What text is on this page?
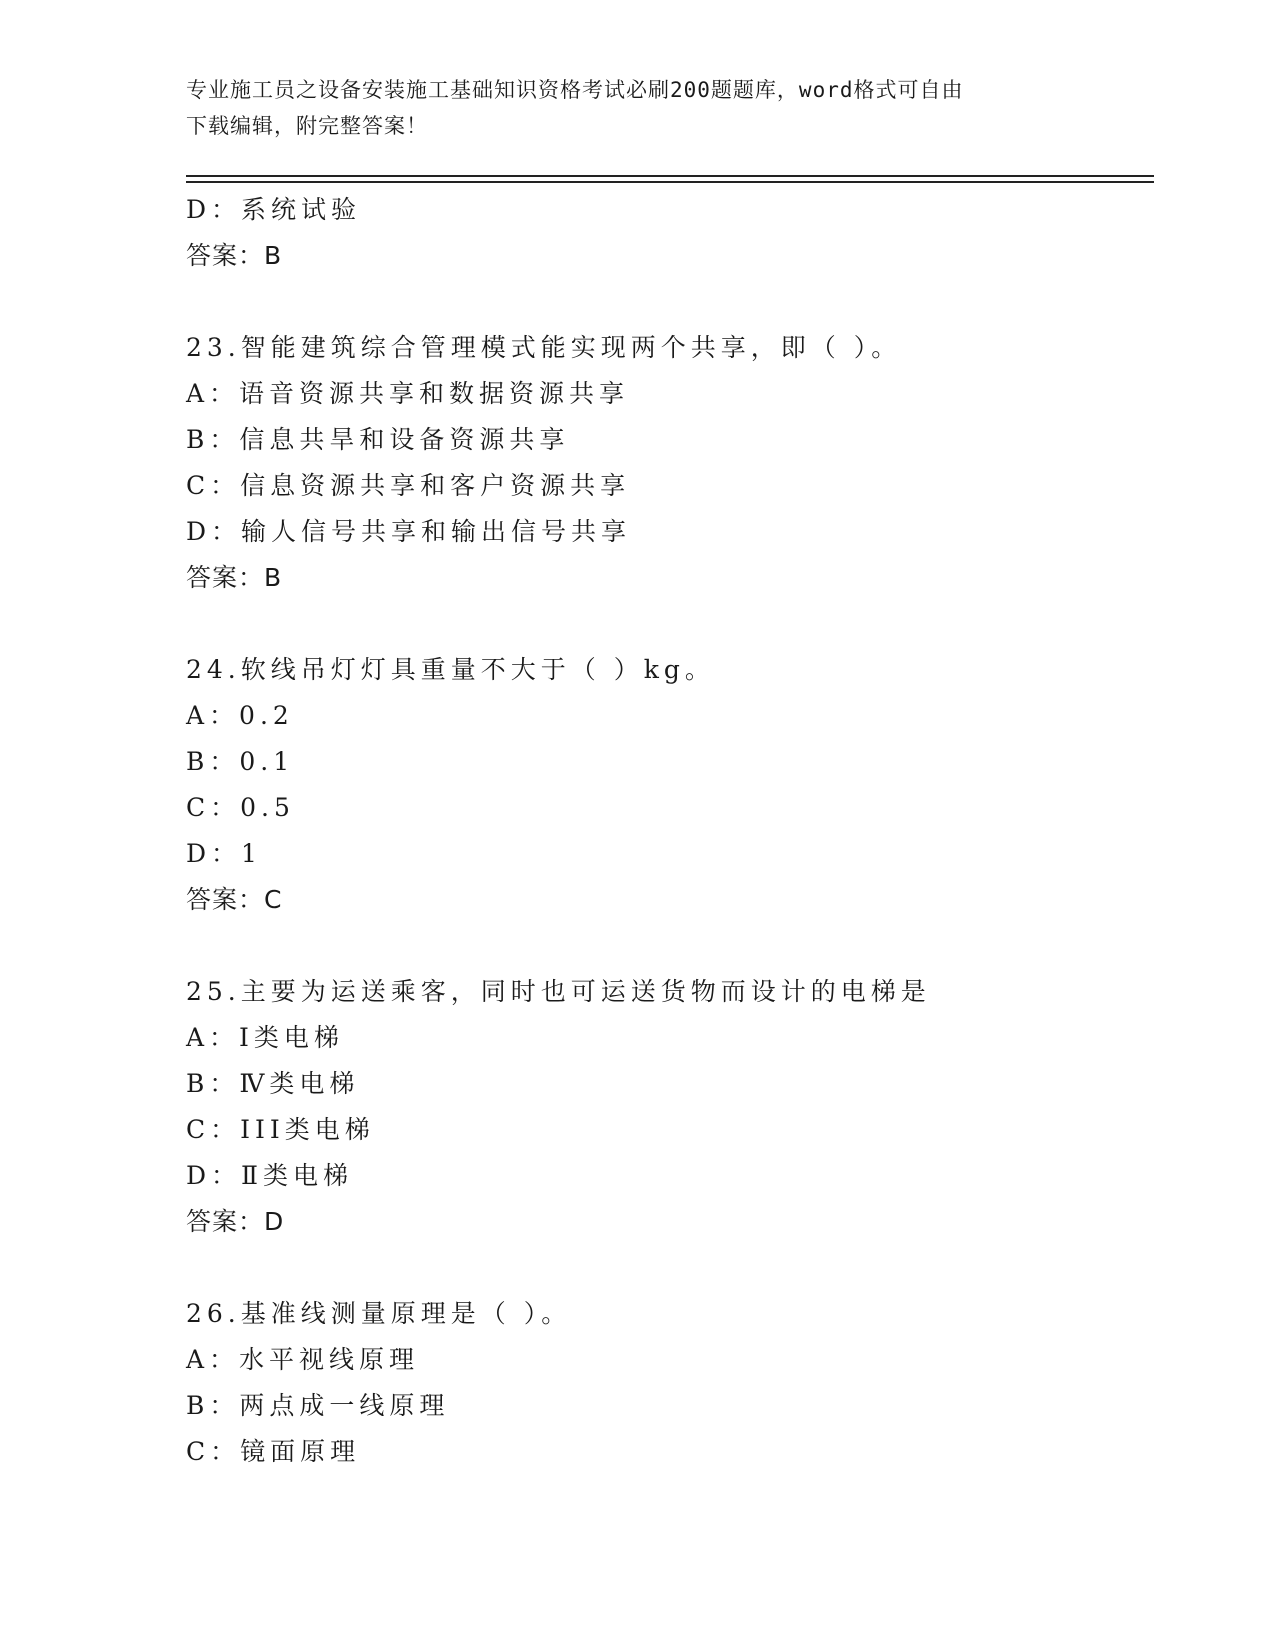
专业施工员之设备安装施工基础知识资格考试必刷200题题库，word格式可自由
下载编辑，附完整答案！
D：系统试验
答案：B
23.智能建筑综合管理模式能实现两个共享，即（ ）。
A：语音资源共享和数据资源共享
B：信息共旱和设备资源共享
C：信息资源共享和客户资源共享
D：输人信号共享和输出信号共享
答案：B
24.软线吊灯灯具重量不大于（ ）kg。
A：0.2
B：0.1
C：0.5
D：1
答案：C
25.主要为运送乘客，同时也可运送货物而设计的电梯是
A：I类电梯
B：Ⅳ类电梯
C：III类电梯
D：Ⅱ类电梯
答案：D
26.基准线测量原理是（ ）。
A：水平视线原理
B：两点成一线原理
C：镜面原理
